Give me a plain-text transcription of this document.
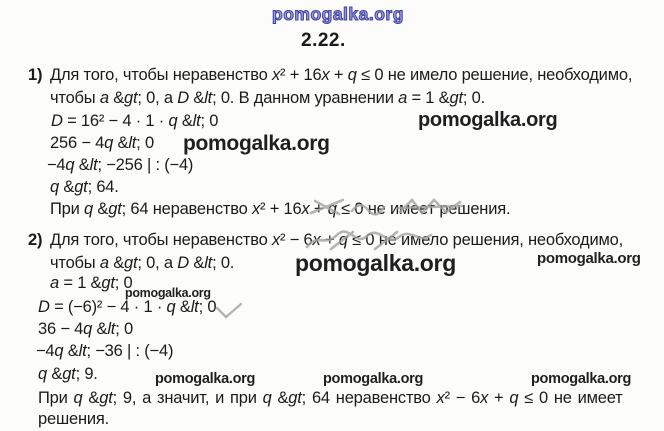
pomogalka.org
pomogalka.org
pomogalka.org
pomogalka.org	pomogalka.org
pomogalka.org
pomogalka.org	pomogalka.org	pomogalka.org
2.22.
1) Для того, чтобы неравенство x² + 16x + q ≤ 0 не имело решение, необходимо,
чтобы a &gt; 0, а D &lt; 0. В данном уравнении a = 1 &gt; 0.
D = 16² − 4 · 1 · q &lt; 0
256 − 4q &lt; 0
−4q &lt; −256 | : (−4)
q &gt; 64.
При q &gt; 64 неравенство x² + 16x + q ≤ 0 не имеет решения.
2) Для того, чтобы неравенство x² − 6x + q ≤ 0 не имело решения, необходимо,
чтобы a &gt; 0, а D &lt; 0.
a = 1 &gt; 0
D = (−6)² − 4 · 1 · q &lt; 0
36 − 4q &lt; 0
−4q &lt; −36 | : (−4)
q &gt; 9.
При q &gt; 9, а значит, и при q &gt; 64 неравенство x² − 6x + q ≤ 0 не имеет
решения.
